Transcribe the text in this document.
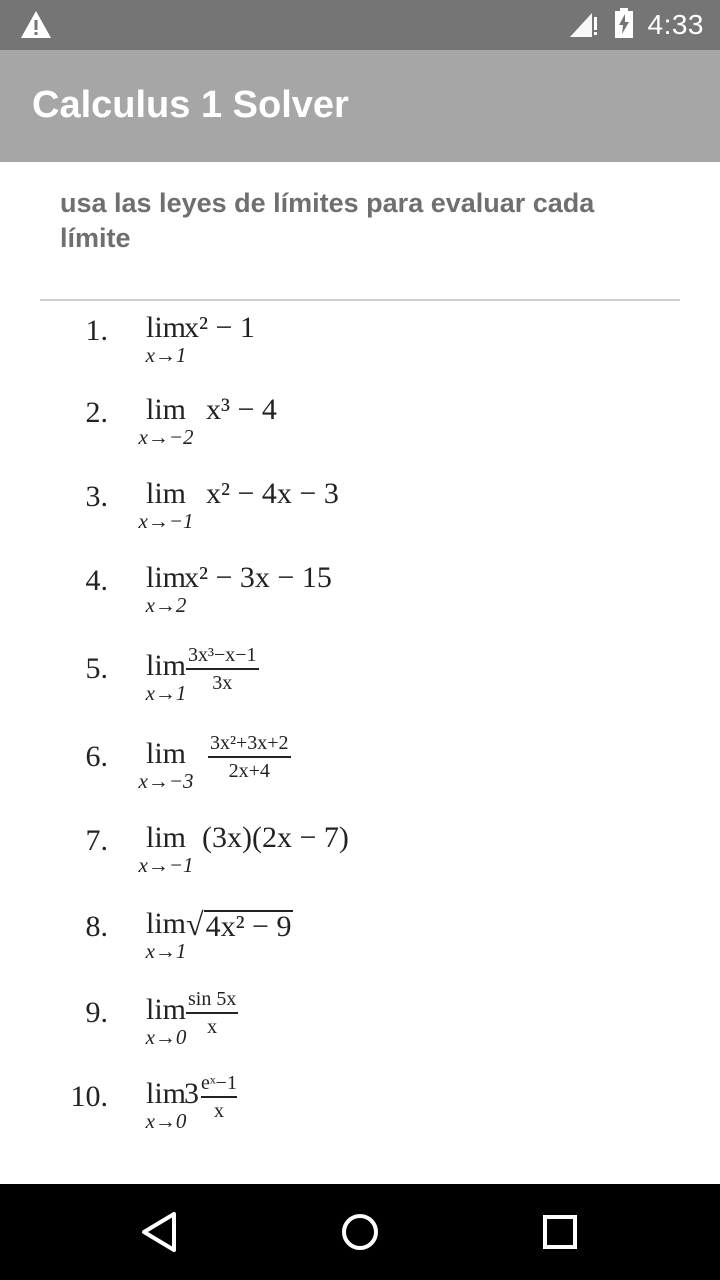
4:33
Calculus 1 Solver
usa las leyes de límites para evaluar cada límite
1.	lim
x→1
x² − 1
2.	lim
x→−2
x³ − 4
3.	lim
x→−1
x² − 4x − 3
4.	lim
x→2
x² − 3x − 15
5.	lim
x→1
3x³−x−1
3x
6.	lim
x→−3
3x²+3x+2
2x+4
7.	lim
x→−1
(3x)(2x − 7)
8.	lim
x→1
√ 4x² − 9
9.	lim
x→0
sin 5x
x
10.	lim
x→0
$3 \frac{\text{eˣ−1}}{x}$
